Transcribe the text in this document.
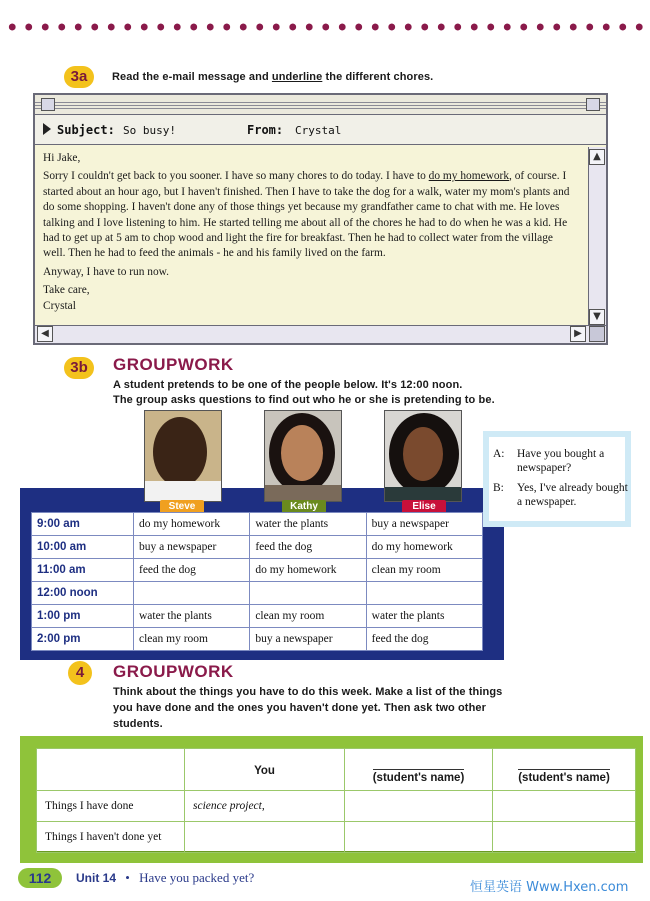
3a	Read the e-mail message and underline the different chores.
Subject: So busy!	From: Crystal

Hi Jake,

Sorry I couldn't get back to you sooner. I have so many chores to do today. I have to do my homework, of course. I started about an hour ago, but I haven't finished. Then I have to take the dog for a walk, water my mom's plants and do some shopping. I haven't done any of those things yet because my grandfather came to chat with me. He loves talking and I love listening to him. He started telling me about all of the chores he had to do when he was a kid. He had to get up at 5 am to chop wood and light the fire for breakfast. Then he had to collect water from the village well. Then he had to feed the animals - he and his family lived on the farm.

Anyway, I have to run now.

Take care,

Crystal

▲
▼
◀	▶
3b	GROUPWORK
A student pretends to be one of the people below. It's 12:00 noon.
The group asks questions to find out who he or she is pretending to be.
Steve	Kathy	Elise
9:00 am	do my homework	water the plants	buy a newspaper
10:00 am	buy a newspaper	feed the dog	do my homework
11:00 am	feed the dog	do my homework	clean my room
12:00 noon			
1:00 pm	water the plants	clean my room	water the plants
2:00 pm	clean my room	buy a newspaper	feed the dog
A: Have you bought a newspaper?
B: Yes, I've already bought a newspaper.
4	GROUPWORK
Think about the things you have to do this week. Make a list of the things
you have done and the ones you haven't done yet. Then ask two other
students.
	You	(student's name)	(student's name)
Things I have done	science project,		
Things I haven't done yet			
112	Unit 14 • Have you packed yet?
恒星英语 Www.Hxen.com
